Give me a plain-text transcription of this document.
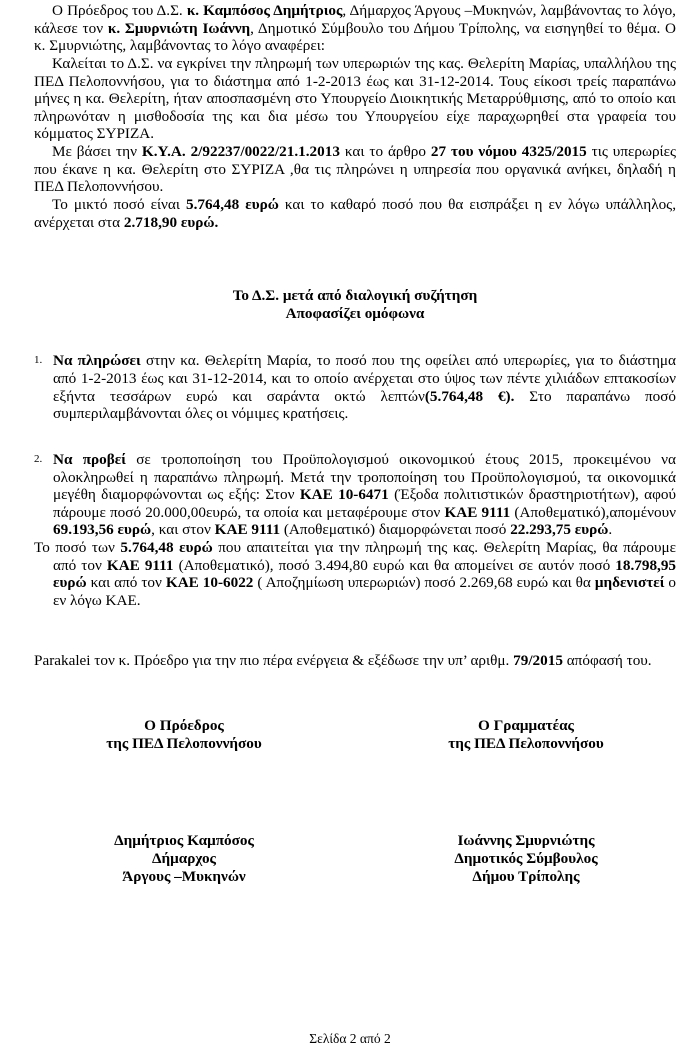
Ο Πρόεδρος του Δ.Σ. κ. Καμπόσος Δημήτριος, Δήμαρχος Άργους –Μυκηνών, λαμβάνοντας το λόγο, κάλεσε τον κ. Σμυρνιώτη Ιωάννη, Δημοτικό Σύμβουλο του Δήμου Τρίπολης, να εισηγηθεί το θέμα. Ο κ. Σμυρνιώτης, λαμβάνοντας το λόγο αναφέρει:

Καλείται το Δ.Σ. να εγκρίνει την πληρωμή των υπερωριών της κας. Θελερίτη Μαρίας, υπαλλήλου της ΠΕΔ Πελοποννήσου, για το διάστημα από 1-2-2013 έως και 31-12-2014. Τους είκοσι τρείς παραπάνω μήνες η κα. Θελερίτη, ήταν αποσπασμένη στο Υπουργείο Διοικητικής Μεταρρύθμισης, από το οποίο και πληρωνόταν η μισθοδοσία της και δια μέσω του Υπουργείου είχε παραχωρηθεί στα γραφεία του κόμματος ΣΥΡΙΖΑ.

Με βάσει την Κ.Υ.Α. 2/92237/0022/21.1.2013 και το άρθρο 27 του νόμου 4325/2015 τις υπερωρίες που έκανε η κα. Θελερίτη στο ΣΥΡΙΖΑ ,θα τις πληρώνει η υπηρεσία που οργανικά ανήκει, δηλαδή η ΠΕΔ Πελοποννήσου.

Το μικτό ποσό είναι 5.764,48 ευρώ και το καθαρό ποσό που θα εισπράξει η εν λόγω υπάλληλος, ανέρχεται στα 2.718,90 ευρώ.

Το Δ.Σ. μετά από διαλογική συζήτηση
Αποφασίζει ομόφωνα
1. Να πληρώσει στην κα. Θελερίτη Μαρία, το ποσό που της οφείλει από υπερωρίες, για το διάστημα από 1-2-2013 έως και 31-12-2014, και το οποίο ανέρχεται στο ύψος των πέντε χιλιάδων επτακοσίων εξήντα τεσσάρων ευρώ και σαράντα οκτώ λεπτών(5.764,48 €). Στο παραπάνω ποσό συμπεριλαμβάνονται όλες οι νόμιμες κρατήσεις.
2. Να προβεί σε τροποποίηση του Προϋπολογισμού οικονομικού έτους 2015, προκειμένου να ολοκληρωθεί η παραπάνω πληρωμή. Μετά την τροποποίηση του Προϋπολογισμού, τα οικονομικά μεγέθη διαμορφώνονται ως εξής: Στον ΚΑΕ 10-6471 (Έξοδα πολιτιστικών δραστηριοτήτων), αφού πάρουμε ποσό 20.000,00ευρώ, τα οποία και μεταφέρουμε στον ΚΑΕ 9111 (Αποθεματικό),απομένουν 69.193,56 ευρώ, και στον ΚΑΕ 9111 (Αποθεματικό) διαμορφώνεται ποσό 22.293,75 ευρώ.

Το ποσό των 5.764,48 ευρώ που απαιτείται για την πληρωμή της κας. Θελερίτη Μαρίας, θα πάρουμε από τον ΚΑΕ 9111 (Αποθεματικό), ποσό 3.494,80 ευρώ και θα απομείνει σε αυτόν ποσό 18.798,95 ευρώ και από τον ΚΑΕ 10-6022 ( Αποζημίωση υπερωριών) ποσό 2.269,68 ευρώ και θα μηδενιστεί ο εν λόγω ΚΑΕ.

Parakalei τον κ. Πρόεδρο για την πιο πέρα ενέργεια & εξέδωσε την υπ’ αριθμ. 79/2015 απόφασή του.

Ο Πρόεδρος
της ΠΕΔ Πελοποννήσου
Ο Γραμματέας
της ΠΕΔ Πελοποννήσου
Δημήτριος Καμπόσος
Δήμαρχος
Άργους –Μυκηνών
Ιωάννης Σμυρνιώτης
Δημοτικός Σύμβουλος
Δήμου Τρίπολης
Σελίδα 2 από 2
